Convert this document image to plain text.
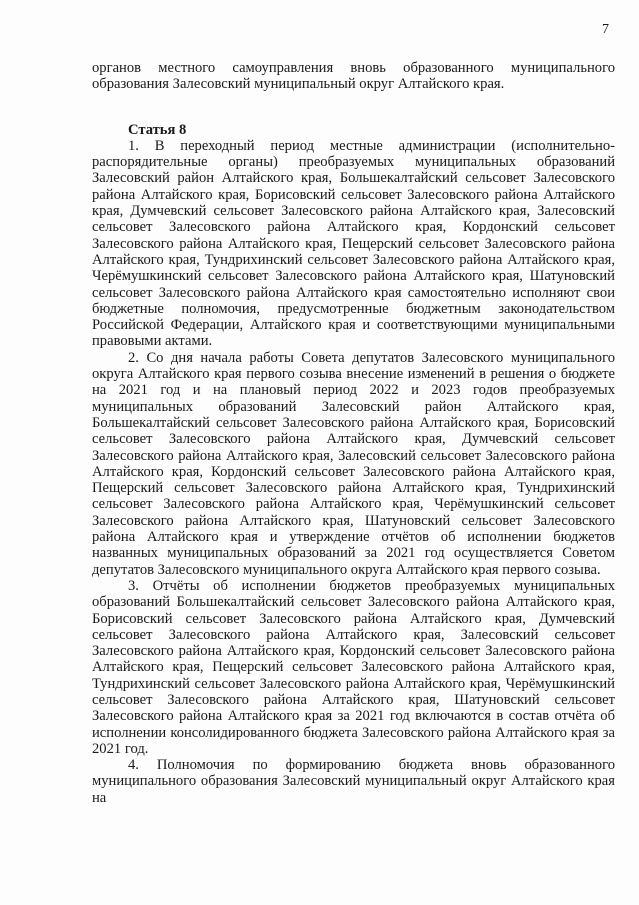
7

органов местного самоуправления вновь образованного муниципального образования Залесовский муниципальный округ Алтайского края.

Статья 8

1. В переходный период местные администрации (исполнительно-распорядительные органы) преобразуемых муниципальных образований Залесовский район Алтайского края, Большекалтайский сельсовет Залесовского района Алтайского края, Борисовский сельсовет Залесовского района Алтайского края, Думчевский сельсовет Залесовского района Алтайского края, Залесовский сельсовет Залесовского района Алтайского края, Кордонский сельсовет Залесовского района Алтайского края, Пещерский сельсовет Залесовского района Алтайского края, Тундрихинский сельсовет Залесовского района Алтайского края, Черёмушкинский сельсовет Залесовского района Алтайского края, Шатуновский сельсовет Залесовского района Алтайского края самостоятельно исполняют свои бюджетные полномочия, предусмотренные бюджетным законодательством Российской Федерации, Алтайского края и соответствующими муниципальными правовыми актами.

2. Со дня начала работы Совета депутатов Залесовского муниципального округа Алтайского края первого созыва внесение изменений в решения о бюджете на 2021 год и на плановый период 2022 и 2023 годов преобразуемых муниципальных образований Залесовский район Алтайского края, Большекалтайский сельсовет Залесовского района Алтайского края, Борисовский сельсовет Залесовского района Алтайского края, Думчевский сельсовет Залесовского района Алтайского края, Залесовский сельсовет Залесовского района Алтайского края, Кордонский сельсовет Залесовского района Алтайского края, Пещерский сельсовет Залесовского района Алтайского края, Тундрихинский сельсовет Залесовского района Алтайского края, Черёмушкинский сельсовет Залесовского района Алтайского края, Шатуновский сельсовет Залесовского района Алтайского края и утверждение отчётов об исполнении бюджетов названных муниципальных образований за 2021 год осуществляется Советом депутатов Залесовского муниципального округа Алтайского края первого созыва.

3. Отчёты об исполнении бюджетов преобразуемых муниципальных образований Большекалтайский сельсовет Залесовского района Алтайского края, Борисовский сельсовет Залесовского района Алтайского края, Думчевский сельсовет Залесовского района Алтайского края, Залесовский сельсовет Залесовского района Алтайского края, Кордонский сельсовет Залесовского района Алтайского края, Пещерский сельсовет Залесовского района Алтайского края, Тундрихинский сельсовет Залесовского района Алтайского края, Черёмушкинский сельсовет Залесовского района Алтайского края, Шатуновский сельсовет Залесовского района Алтайского края за 2021 год включаются в состав отчёта об исполнении консолидированного бюджета Залесовского района Алтайского края за 2021 год.

4. Полномочия по формированию бюджета вновь образованного муниципального образования Залесовский муниципальный округ Алтайского края на
